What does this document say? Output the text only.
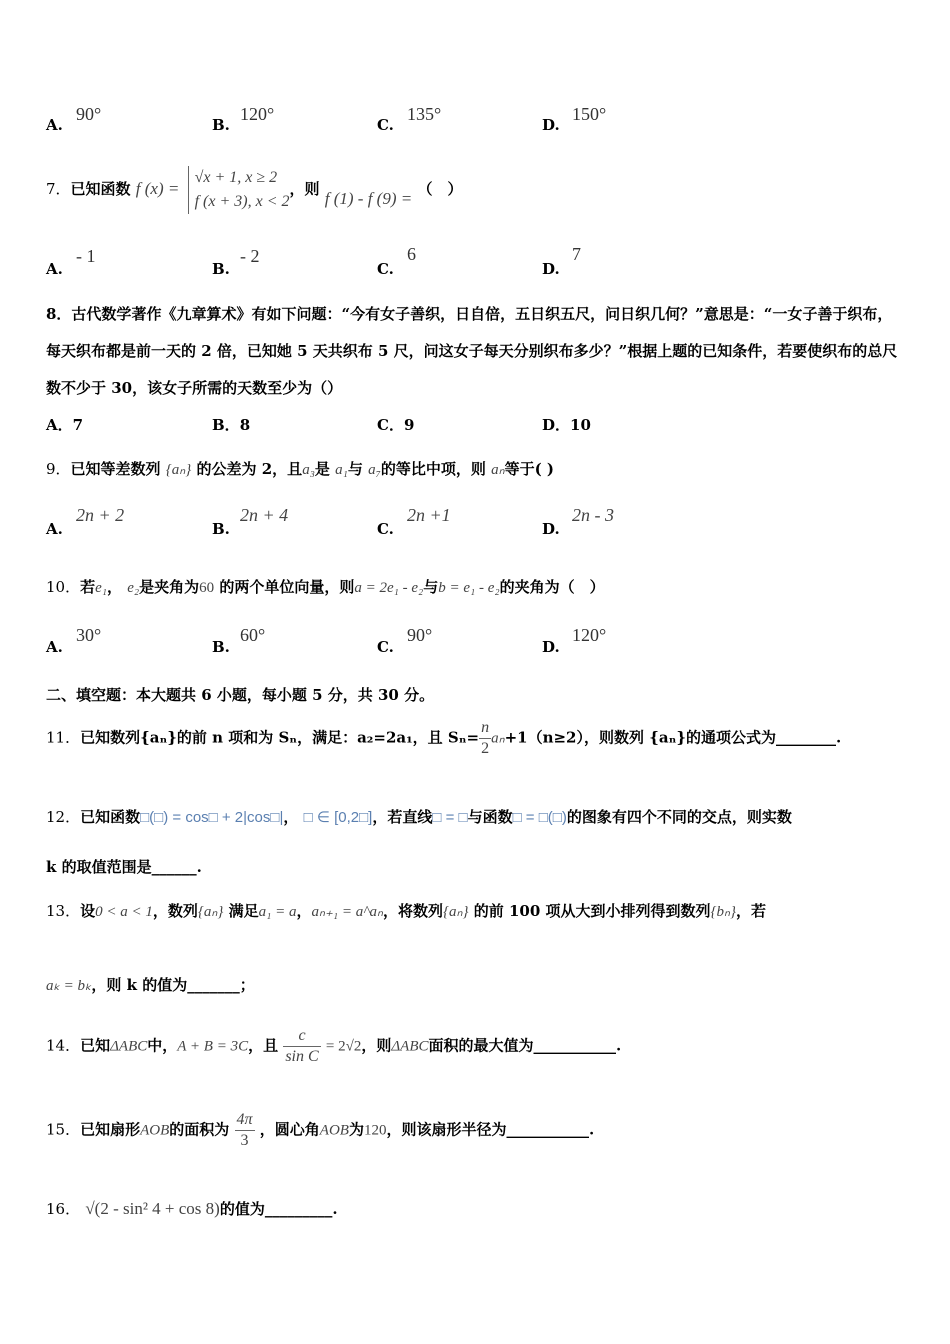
A.
90°
B.
120°
C.
135°
D.
150°
7．已知函数 f (x) =
√x + 1, x ≥ 2
f (x + 3), x < 2
，则 f (1) - f (9) = （　）
A.
- 1
B.
- 2
C.
6
D.
7
8．古代数学著作《九章算术》有如下问题：“今有女子善织，日自倍，五日织五尺，问日织几何？”意思是：“一女子善于织布，每天织布都是前一天的 2 倍，已知她 5 天共织布 5 尺，问这女子每天分别织布多少？”根据上题的已知条件，若要使织布的总尺数不少于 30，该女子所需的天数至少为（）
A．7	B．8	C．9	D．10
9．已知等差数列 {aₙ} 的公差为 2，且a₃是 a₁与 a₇的等比中项，则 aₙ等于( )
A.
2n + 2
B.
2n + 4
C.
2n +1
D.
2n - 3
10．若e₁， e₂是夹角为60 的两个单位向量，则a = 2e₁ - e₂与b = e₁ - e₂的夹角为（　）
A.
30°
B.
60°
C.
90°
D.
120°
二、填空题：本大题共 6 小题，每小题 5 分，共 30 分。
11．已知数列{aₙ}的前 n 项和为 Sₙ，满足：a₂=2a₁，且 $S_n= \frac{n}{2} a_n+1(n\ge 2)$，则数列 {aₙ}的通项公式为________.
12．已知函数□(□) = cos□ + 2|cos□|， □ ∈ [0,2□]，若直线□ = □与函数□ = □(□)的图象有四个不同的交点，则实数
k 的取值范围是______.
13．设0 < a < 1，数列{aₙ} 满足a₁ = a，aₙ₊₁ = a^aₙ，将数列{aₙ} 的前 100 项从大到小排列得到数列{bₙ}，若
aₖ = bₖ，则 k 的值为_______；
14．已知ΔABC中，A + B = 3C，且 $\frac{c}{\text{sin C}} = 2√2$，则ΔABC面积的最大值为___________.
15．已知扇形AOB的面积为 $\frac{4\pi}{3}$ ，圆心角AOB为120，则该扇形半径为___________.
16． √(2 - sin² 4 + cos 8)的值为_________.
